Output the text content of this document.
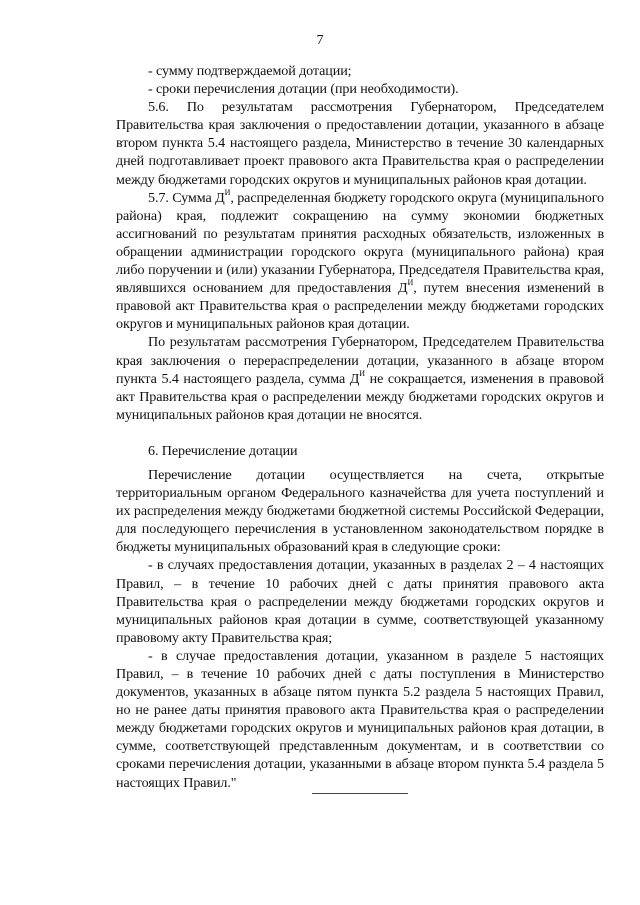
7

- сумму подтверждаемой дотации;

- сроки перечисления дотации (при необходимости).

5.6. По результатам рассмотрения Губернатором, Председателем Правительства края заключения о предоставлении дотации, указанного в абзаце втором пункта 5.4 настоящего раздела, Министерство в течение 30 календарных дней подготавливает проект правового акта Правительства края о распределении между бюджетами городских округов и муниципальных районов края дотации.

5.7. Сумма $Д^И$, распределенная бюджету городского округа (муниципального района) края, подлежит сокращению на сумму экономии бюджетных ассигнований по результатам принятия расходных обязательств, изложенных в обращении администрации городского округа (муниципального района) края либо поручении и (или) указании Губернатора, Председателя Правительства края, являвшихся основанием для предоставления $Д^И$, путем внесения изменений в правовой акт Правительства края о распределении между бюджетами городских округов и муниципальных районов края дотации.

По результатам рассмотрения Губернатором, Председателем Правительства края заключения о перераспределении дотации, указанного в абзаце втором пункта 5.4 настоящего раздела, сумма $Д^И$ не сокращается, изменения в правовой акт Правительства края о распределении между бюджетами городских округов и муниципальных районов края дотации не вносятся.

6. Перечисление дотации

Перечисление дотации осуществляется на счета, открытые территориальным органом Федерального казначейства для учета поступлений и их распределения между бюджетами бюджетной системы Российской Федерации, для последующего перечисления в установленном законодательством порядке в бюджеты муниципальных образований края в следующие сроки:

- в случаях предоставления дотации, указанных в разделах 2 – 4 настоящих Правил, – в течение 10 рабочих дней с даты принятия правового акта Правительства края о распределении между бюджетами городских округов и муниципальных районов края дотации в сумме, соответствующей указанному правовому акту Правительства края;

- в случае предоставления дотации, указанном в разделе 5 настоящих Правил, – в течение 10 рабочих дней с даты поступления в Министерство документов, указанных в абзаце пятом пункта 5.2 раздела 5 настоящих Правил, но не ранее даты принятия правового акта Правительства края о распределении между бюджетами городских округов и муниципальных районов края дотации, в сумме, соответствующей представленным документам, и в соответствии со сроками перечисления дотации, указанными в абзаце втором пункта 5.4 раздела 5 настоящих Правил."
